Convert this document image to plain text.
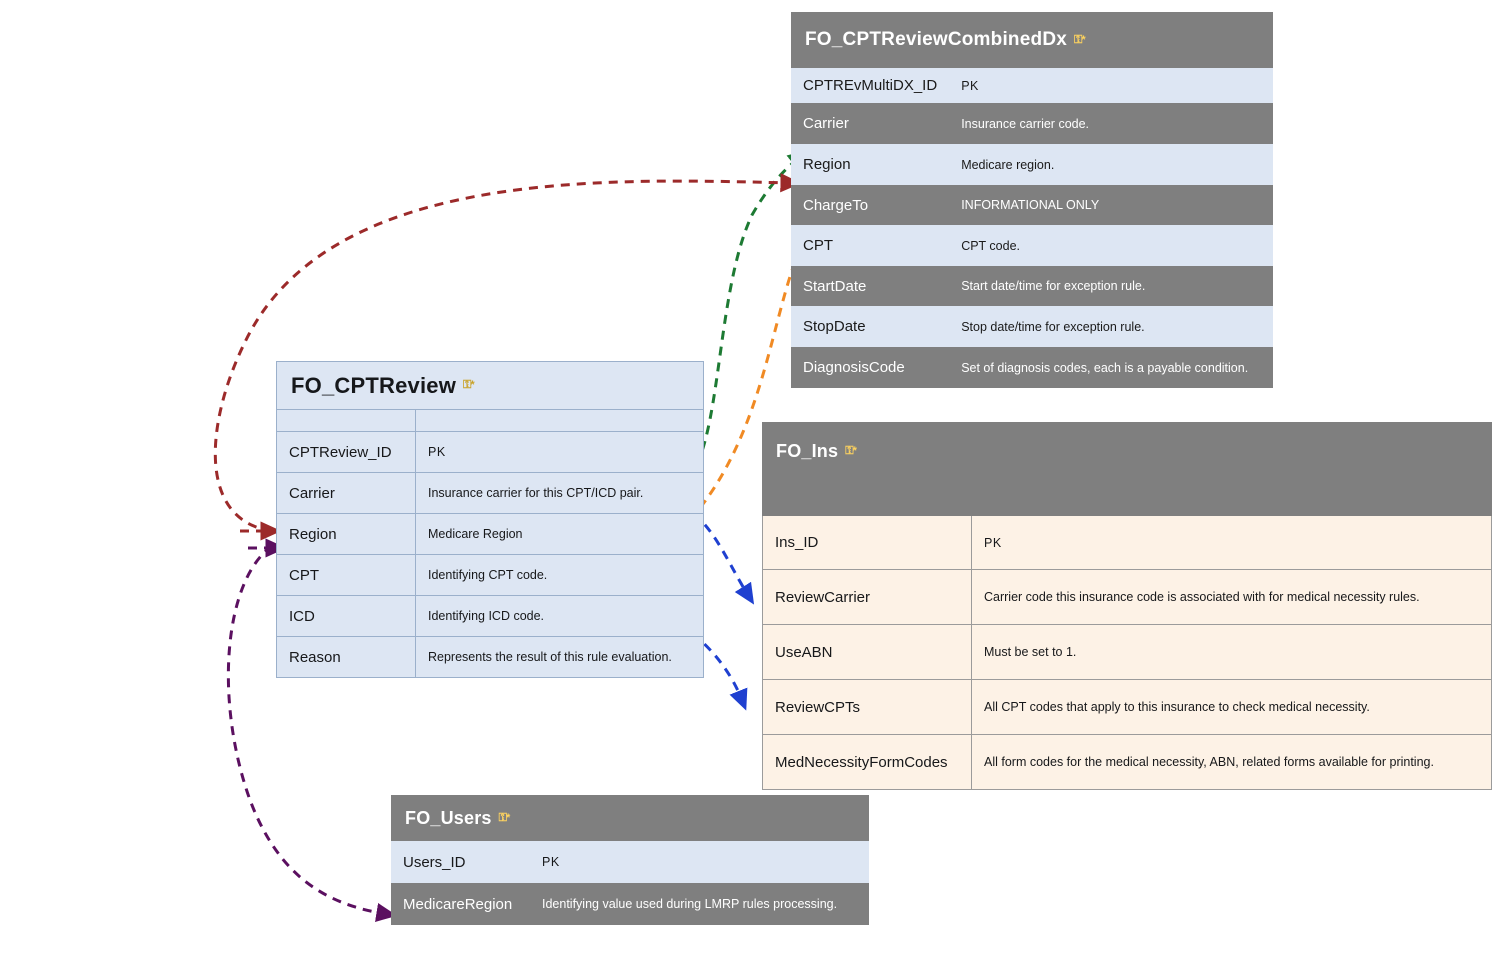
FO_CPTReviewCombinedDx ⚿*
CPTREvMultiDX_ID	PK
Carrier	Insurance carrier code.
Region	Medicare region.
ChargeTo	INFORMATIONAL ONLY
CPT	CPT code.
StartDate	Start date/time for exception rule.
StopDate	Stop date/time for exception rule.
DiagnosisCode	Set of diagnosis codes, each is a payable condition.
FO_CPTReview ⚿*

CPTReview_ID	PK
Carrier	Insurance carrier for this CPT/ICD pair.
Region	Medicare Region
CPT	Identifying CPT code.
ICD	Identifying ICD code.
Reason	Represents the result of this rule evaluation.
FO_Ins ⚿*

Ins_ID	PK
ReviewCarrier	Carrier code this insurance code is associated with for medical necessity rules.
UseABN	Must be set to 1.
ReviewCPTs	All CPT codes that apply to this insurance to check medical necessity.
MedNecessityFormCodes	All form codes for the medical necessity, ABN, related forms available for printing.
FO_Users ⚿*
Users_ID	PK
MedicareRegion	Identifying value used during LMRP rules processing.
